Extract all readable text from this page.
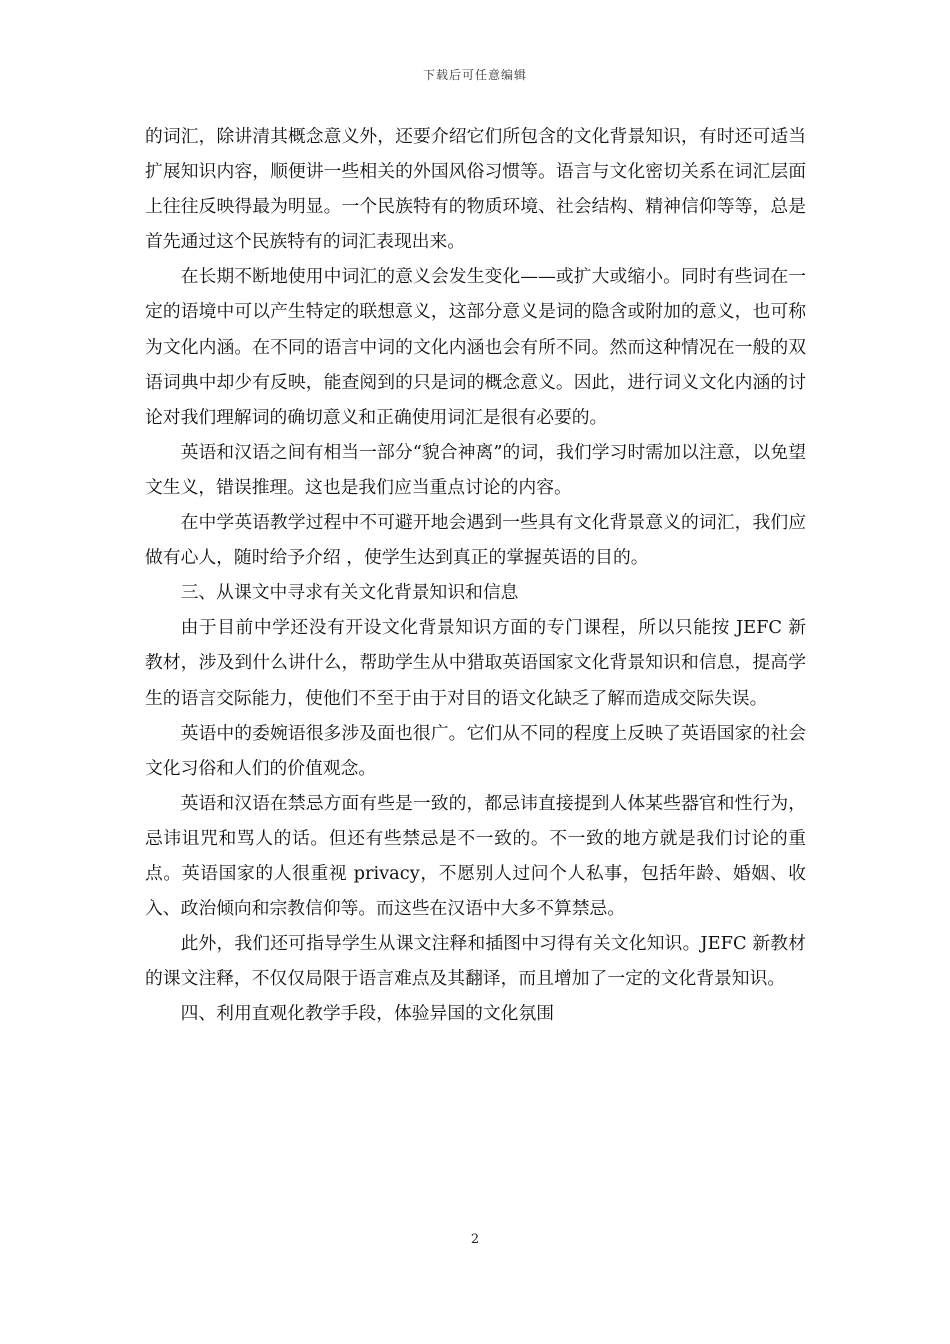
下载后可任意编辑

的词汇，除讲清其概念意义外，还要介绍它们所包含的文化背景知识，有时还可适当扩展知识内容，顺便讲一些相关的外国风俗习惯等。语言与文化密切关系在词汇层面上往往反映得最为明显。一个民族特有的物质环境、社会结构、精神信仰等等，总是首先通过这个民族特有的词汇表现出来。

在长期不断地使用中词汇的意义会发生变化——或扩大或缩小。同时有些词在一定的语境中可以产生特定的联想意义，这部分意义是词的隐含或附加的意义，也可称为文化内涵。在不同的语言中词的文化内涵也会有所不同。然而这种情况在一般的双语词典中却少有反映，能查阅到的只是词的概念意义。因此，进行词义文化内涵的讨论对我们理解词的确切意义和正确使用词汇是很有必要的。

英语和汉语之间有相当一部分“貌合神离”的词，我们学习时需加以注意，以免望文生义，错误推理。这也是我们应当重点讨论的内容。

在中学英语教学过程中不可避开地会遇到一些具有文化背景意义的词汇，我们应做有心人，随时给予介绍 ，使学生达到真正的掌握英语的目的。

三、从课文中寻求有关文化背景知识和信息

由于目前中学还没有开设文化背景知识方面的专门课程，所以只能按 JEFC 新教材，涉及到什么讲什么，帮助学生从中猎取英语国家文化背景知识和信息，提高学生的语言交际能力，使他们不至于由于对目的语文化缺乏了解而造成交际失误。

英语中的委婉语很多涉及面也很广。它们从不同的程度上反映了英语国家的社会文化习俗和人们的价值观念。

英语和汉语在禁忌方面有些是一致的，都忌讳直接提到人体某些器官和性行为，忌讳诅咒和骂人的话。但还有些禁忌是不一致的。不一致的地方就是我们讨论的重点。英语国家的人很重视 privacy，不愿别人过问个人私事，包括年龄、婚姻、收入、政治倾向和宗教信仰等。而这些在汉语中大多不算禁忌。

此外，我们还可指导学生从课文注释和插图中习得有关文化知识。JEFC 新教材的课文注释，不仅仅局限于语言难点及其翻译，而且增加了一定的文化背景知识。

四、利用直观化教学手段，体验异国的文化氛围

2
